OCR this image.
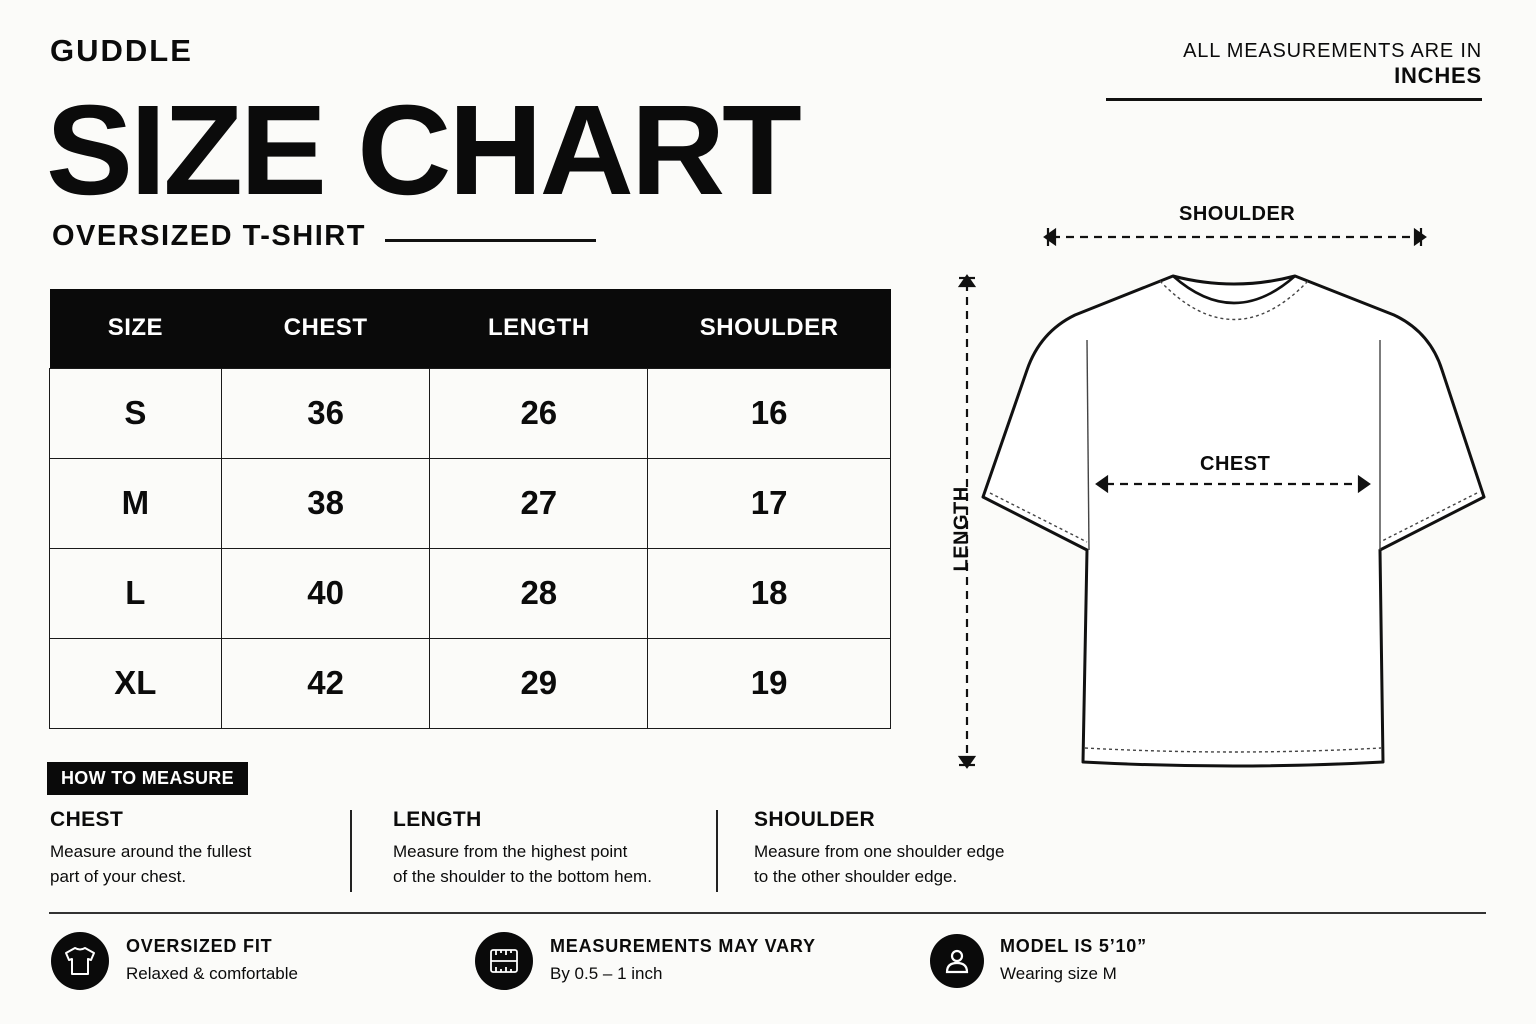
GUDDLE	ALL MEASUREMENTS ARE IN INCHES
SIZE CHART
OVERSIZED T-SHIRT
SIZE	CHEST	LENGTH	SHOULDER
S	36	26	16
M	38	27	17
L	40	28	18
XL	42	29	19
SHOULDER
CHEST
LENGTH
HOW TO MEASURE
CHEST

Measure around the fullest
part of your chest.

LENGTH

Measure from the highest point
of the shoulder to the bottom hem.

SHOULDER

Measure from one shoulder edge
to the other shoulder edge.

OVERSIZED FIT
Relaxed & comfortable
MEASUREMENTS MAY VARY
By 0.5 – 1 inch
MODEL IS 5’10”
Wearing size M
